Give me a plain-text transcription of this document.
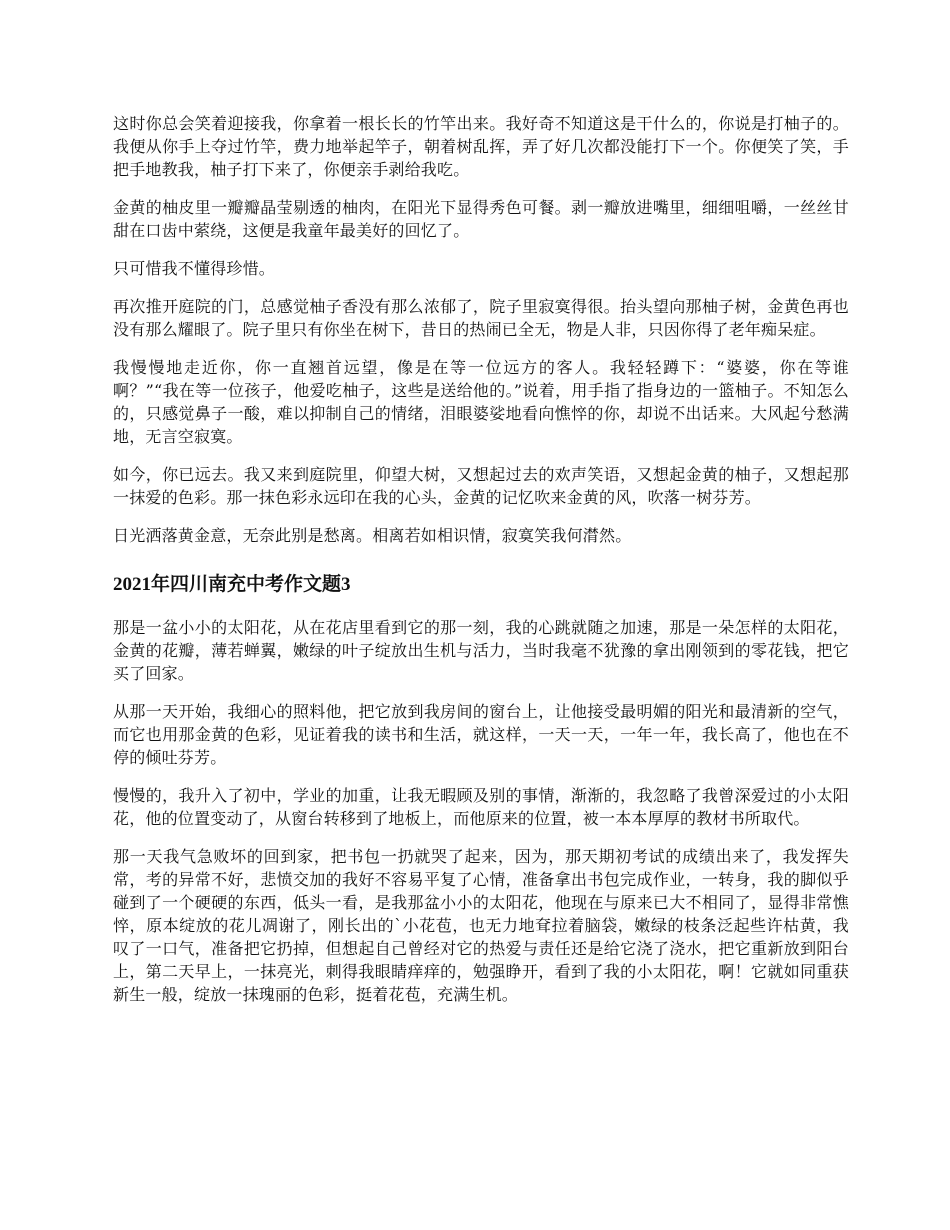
这时你总会笑着迎接我，你拿着一根长长的竹竿出来。我好奇不知道这是干什么的，你说是打柚子的。我便从你手上夺过竹竿，费力地举起竿子，朝着树乱挥，弄了好几次都没能打下一个。你便笑了笑，手把手地教我，柚子打下来了，你便亲手剥给我吃。

金黄的柚皮里一瓣瓣晶莹剔透的柚肉，在阳光下显得秀色可餐。剥一瓣放进嘴里，细细咀嚼，一丝丝甘甜在口齿中萦绕，这便是我童年最美好的回忆了。

只可惜我不懂得珍惜。

再次推开庭院的门，总感觉柚子香没有那么浓郁了，院子里寂寞得很。抬头望向那柚子树，金黄色再也没有那么耀眼了。院子里只有你坐在树下，昔日的热闹已全无，物是人非，只因你得了老年痴呆症。

我慢慢地走近你，你一直翘首远望，像是在等一位远方的客人。我轻轻蹲下：“婆婆，你在等谁啊？”“我在等一位孩子，他爱吃柚子，这些是送给他的。”说着，用手指了指身边的一篮柚子。不知怎么的，只感觉鼻子一酸，难以抑制自己的情绪，泪眼婆娑地看向憔悴的你，却说不出话来。大风起兮愁满地，无言空寂寞。

如今，你已远去。我又来到庭院里，仰望大树，又想起过去的欢声笑语，又想起金黄的柚子，又想起那一抹爱的色彩。那一抹色彩永远印在我的心头，金黄的记忆吹来金黄的风，吹落一树芬芳。

日光洒落黄金意，无奈此别是愁离。相离若如相识情，寂寞笑我何潸然。

2021年四川南充中考作文题3

那是一盆小小的太阳花，从在花店里看到它的那一刻，我的心跳就随之加速，那是一朵怎样的太阳花，金黄的花瓣，薄若蝉翼，嫩绿的叶子绽放出生机与活力，当时我毫不犹豫的拿出刚领到的零花钱，把它买了回家。

从那一天开始，我细心的照料他，把它放到我房间的窗台上，让他接受最明媚的阳光和最清新的空气，而它也用那金黄的色彩，见证着我的读书和生活，就这样，一天一天，一年一年，我长高了，他也在不停的倾吐芬芳。

慢慢的，我升入了初中，学业的加重，让我无暇顾及别的事情，渐渐的，我忽略了我曾深爱过的小太阳花，他的位置变动了，从窗台转移到了地板上，而他原来的位置，被一本本厚厚的教材书所取代。

那一天我气急败坏的回到家，把书包一扔就哭了起来，因为，那天期初考试的成绩出来了，我发挥失常，考的异常不好，悲愤交加的我好不容易平复了心情，准备拿出书包完成作业，一转身，我的脚似乎碰到了一个硬硬的东西，低头一看，是我那盆小小的太阳花，他现在与原来已大不相同了，显得非常憔悴，原本绽放的花儿凋谢了，刚长出的`小花苞，也无力地耷拉着脑袋，嫩绿的枝条泛起些许枯黄，我叹了一口气，准备把它扔掉，但想起自己曾经对它的热爱与责任还是给它浇了浇水，把它重新放到阳台上，第二天早上，一抹亮光，刺得我眼睛痒痒的，勉强睁开，看到了我的小太阳花，啊！它就如同重获新生一般，绽放一抹瑰丽的色彩，挺着花苞，充满生机。
